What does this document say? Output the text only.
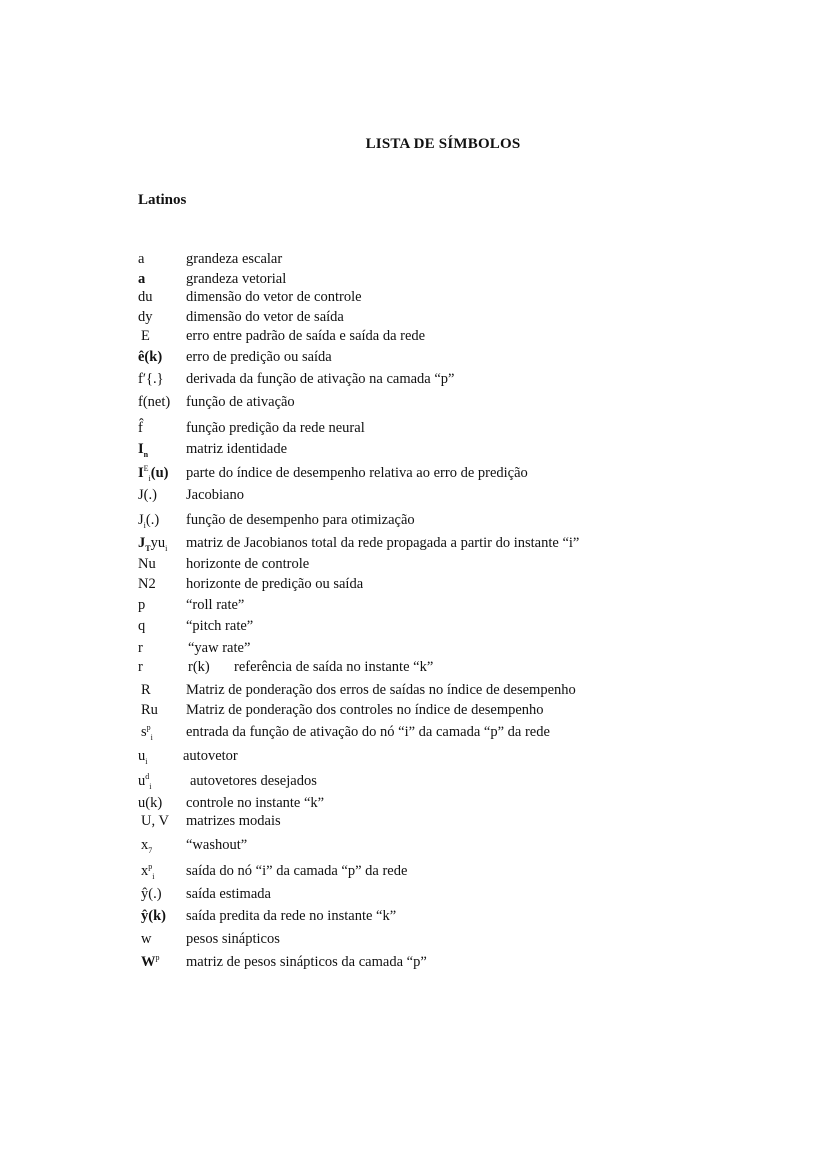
LISTA DE SÍMBOLOS
Latinos
a	grandeza escalar
a	grandeza vetorial
du dimensão do vetor de controle
dy dimensão do vetor de saída
E erro entre padrão de saída e saída da rede
ê(k) erro de predição ou saída
f′{.} derivada da função de ativação na camada “p”
f(net) função de ativação
f̂	função predição da rede neural
$I_n$	matriz identidade
$I^E_i(u)$ parte do índice de desempenho relativa ao erro de predição
J(.) Jacobiano
$J_i(.)$ função de desempenho para otimização
$J_Tyu_i$ matriz de Jacobianos total da rede propagada a partir do instante “i”
Nu horizonte de controle
N2 horizonte de predição ou saída
p	“roll rate”
q	“pitch rate”
r	“yaw rate”
r	r(k) referência de saída no instante “k”
R Matriz de ponderação dos erros de saídas no índice de desempenho
Ru Matriz de ponderação dos controles no índice de desempenho
$s^p_i$ entrada da função de ativação do nó “i” da camada “p” da rede
$u_i$ autovetor
$u^d_i$	autovetores desejados
u(k) controle no instante “k”
U, V matrizes modais
$x_7$ “washout”
$x^p_i$ saída do nó “i” da camada “p” da rede
ŷ(.) saída estimada
ŷ(k) saída predita da rede no instante “k”
w pesos sinápticos
$W^p$ matriz de pesos sinápticos da camada “p”
